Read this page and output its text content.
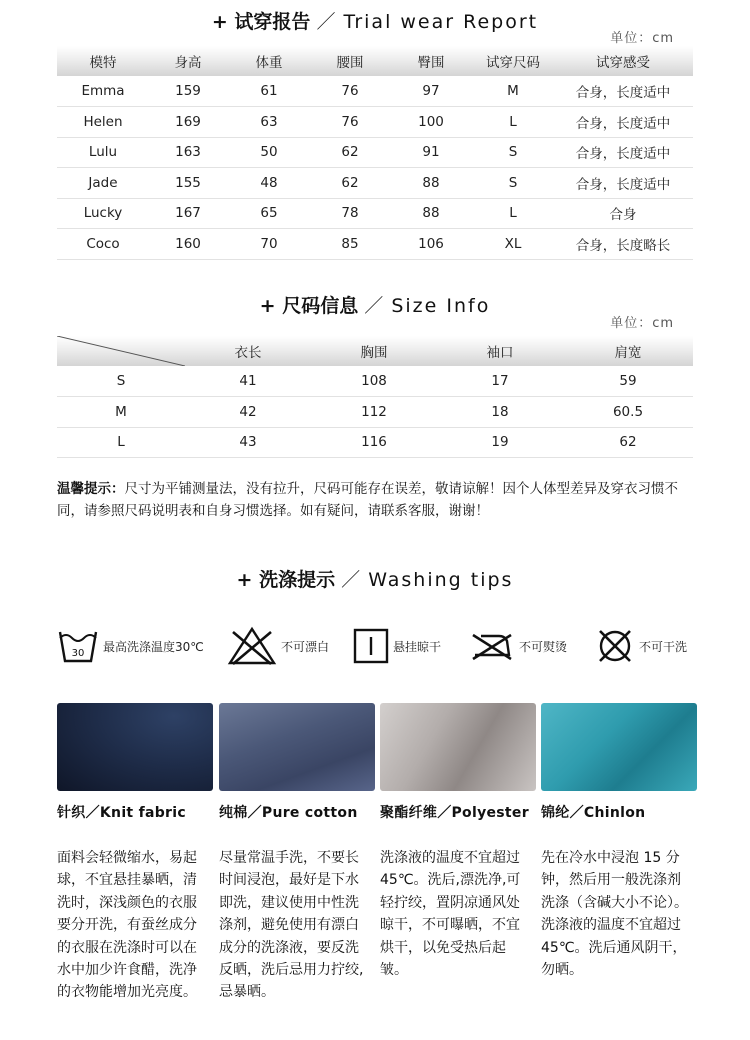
+ 试穿报告 ／ Trial wear Report
单位：cm
模特	身高	体重	腰围	臀围	试穿尺码	试穿感受
Emma	159	61	76	97	M	合身，长度适中
Helen	169	63	76	100	L	合身，长度适中
Lulu	163	50	62	91	S	合身，长度适中
Jade	155	48	62	88	S	合身，长度适中
Lucky	167	65	78	88	L	合身
Coco	160	70	85	106	XL	合身，长度略长
+ 尺码信息 ／ Size Info
单位：cm
	衣长	胸围	袖口	肩宽
S	41	108	17	59
M	42	112	18	60.5
L	43	116	19	62
温馨提示：尺寸为平铺测量法，没有拉升，尺码可能存在误差，敬请谅解！因个人体型差异及穿衣习惯不同，请参照尺码说明表和自身习惯选择。如有疑问，请联系客服，谢谢！
+ 洗涤提示 ／ Washing tips
30 最高洗涤温度30℃	不可漂白	悬挂晾干	不可熨烫	不可干洗
针织／Knit fabric
面料会轻微缩水，易起球，不宜悬挂暴晒，清洗时，深浅颜色的衣服要分开洗，有蚕丝成分的衣服在洗涤时可以在水中加少许食醋，洗净的衣物能增加光亮度。
纯棉／Pure cotton
尽量常温手洗，不要长时间浸泡，最好是下水即洗，建议使用中性洗涤剂，避免使用有漂白成分的洗涤液，要反洗反晒，洗后忌用力拧绞,忌暴晒。
聚酯纤维／Polyester
洗涤液的温度不宜超过45℃。洗后,漂洗净,可轻拧绞，置阴凉通风处晾干，不可曝晒，不宜烘干，以免受热后起皱。
锦纶／Chinlon
先在冷水中浸泡 15 分钟，然后用一般洗涤剂洗涤（含碱大小不论）。洗涤液的温度不宜超过 45℃。洗后通风阴干，勿晒。
